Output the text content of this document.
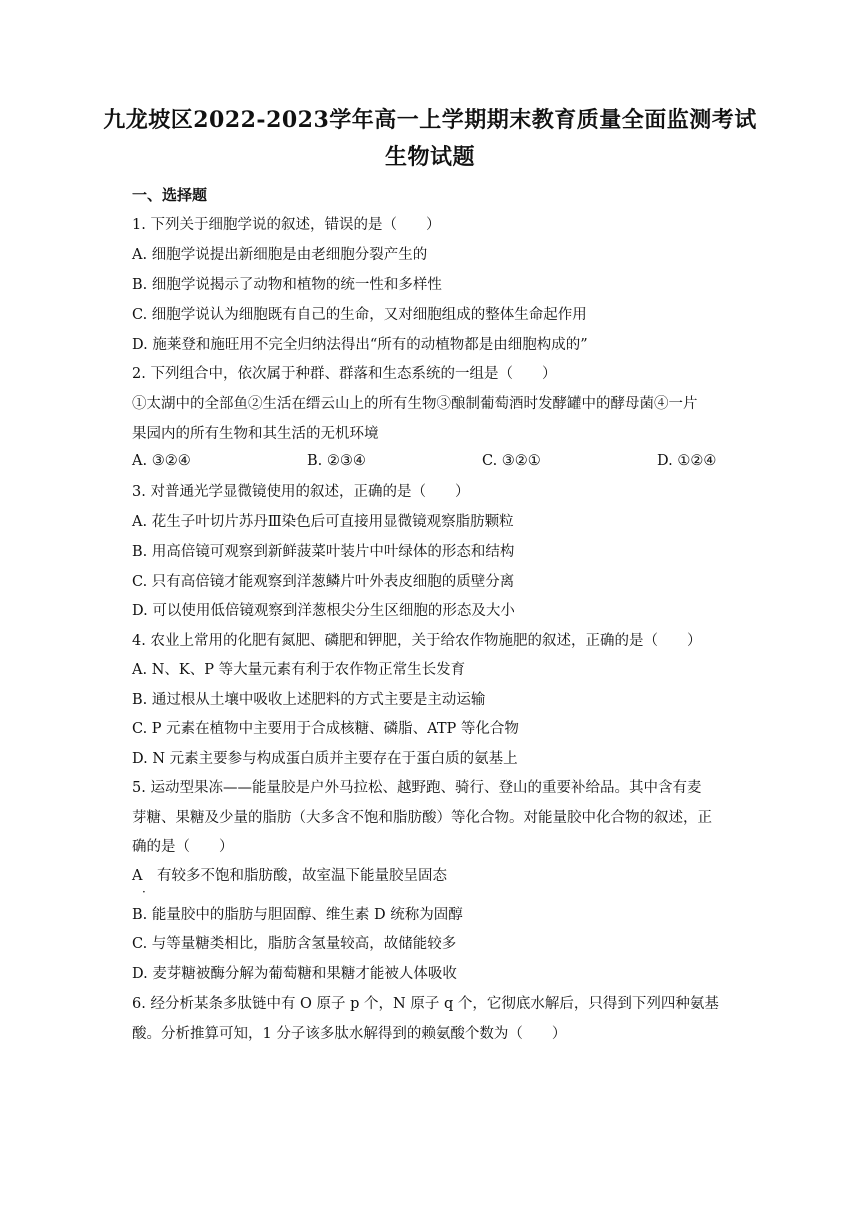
九龙坡区2022-2023学年高一上学期期末教育质量全面监测考试
生物试题
一、选择题
1. 下列关于细胞学说的叙述，错误的是（　　）
A. 细胞学说提出新细胞是由老细胞分裂产生的
B. 细胞学说揭示了动物和植物的统一性和多样性
C. 细胞学说认为细胞既有自己的生命，又对细胞组成的整体生命起作用
D. 施莱登和施旺用不完全归纳法得出“所有的动植物都是由细胞构成的”
2. 下列组合中，依次属于种群、群落和生态系统的一组是（　　）
①太湖中的全部鱼②生活在缙云山上的所有生物③酿制葡萄酒时发酵罐中的酵母菌④一片
果园内的所有生物和其生活的无机环境
A. ③②④	B. ②③④	C. ③②①	D. ①②④
3. 对普通光学显微镜使用的叙述，正确的是（　　）
A. 花生子叶切片苏丹Ⅲ染色后可直接用显微镜观察脂肪颗粒
B. 用高倍镜可观察到新鲜菠菜叶装片中叶绿体的形态和结构
C. 只有高倍镜才能观察到洋葱鳞片叶外表皮细胞的质壁分离
D. 可以使用低倍镜观察到洋葱根尖分生区细胞的形态及大小
4. 农业上常用的化肥有氮肥、磷肥和钾肥，关于给农作物施肥的叙述，正确的是（　　）
A. N、K、P 等大量元素有利于农作物正常生长发育
B. 通过根从土壤中吸收上述肥料的方式主要是主动运输
C. P 元素在植物中主要用于合成核糖、磷脂、ATP 等化合物
D. N 元素主要参与构成蛋白质并主要存在于蛋白质的氨基上
5. 运动型果冻——能量胶是户外马拉松、越野跑、骑行、登山的重要补给品。其中含有麦
芽糖、果糖及少量的脂肪（大多含不饱和脂肪酸）等化合物。对能量胶中化合物的叙述，正
确的是（　　）
A　有较多不饱和脂肪酸，故室温下能量胶呈固态
·
B. 能量胶中的脂肪与胆固醇、维生素 D 统称为固醇
C. 与等量糖类相比，脂肪含氢量较高，故储能较多
D. 麦芽糖被酶分解为葡萄糖和果糖才能被人体吸收
6. 经分析某条多肽链中有 O 原子 p 个，N 原子 q 个，它彻底水解后，只得到下列四种氨基
酸。分析推算可知，1 分子该多肽水解得到的赖氨酸个数为（　　）
